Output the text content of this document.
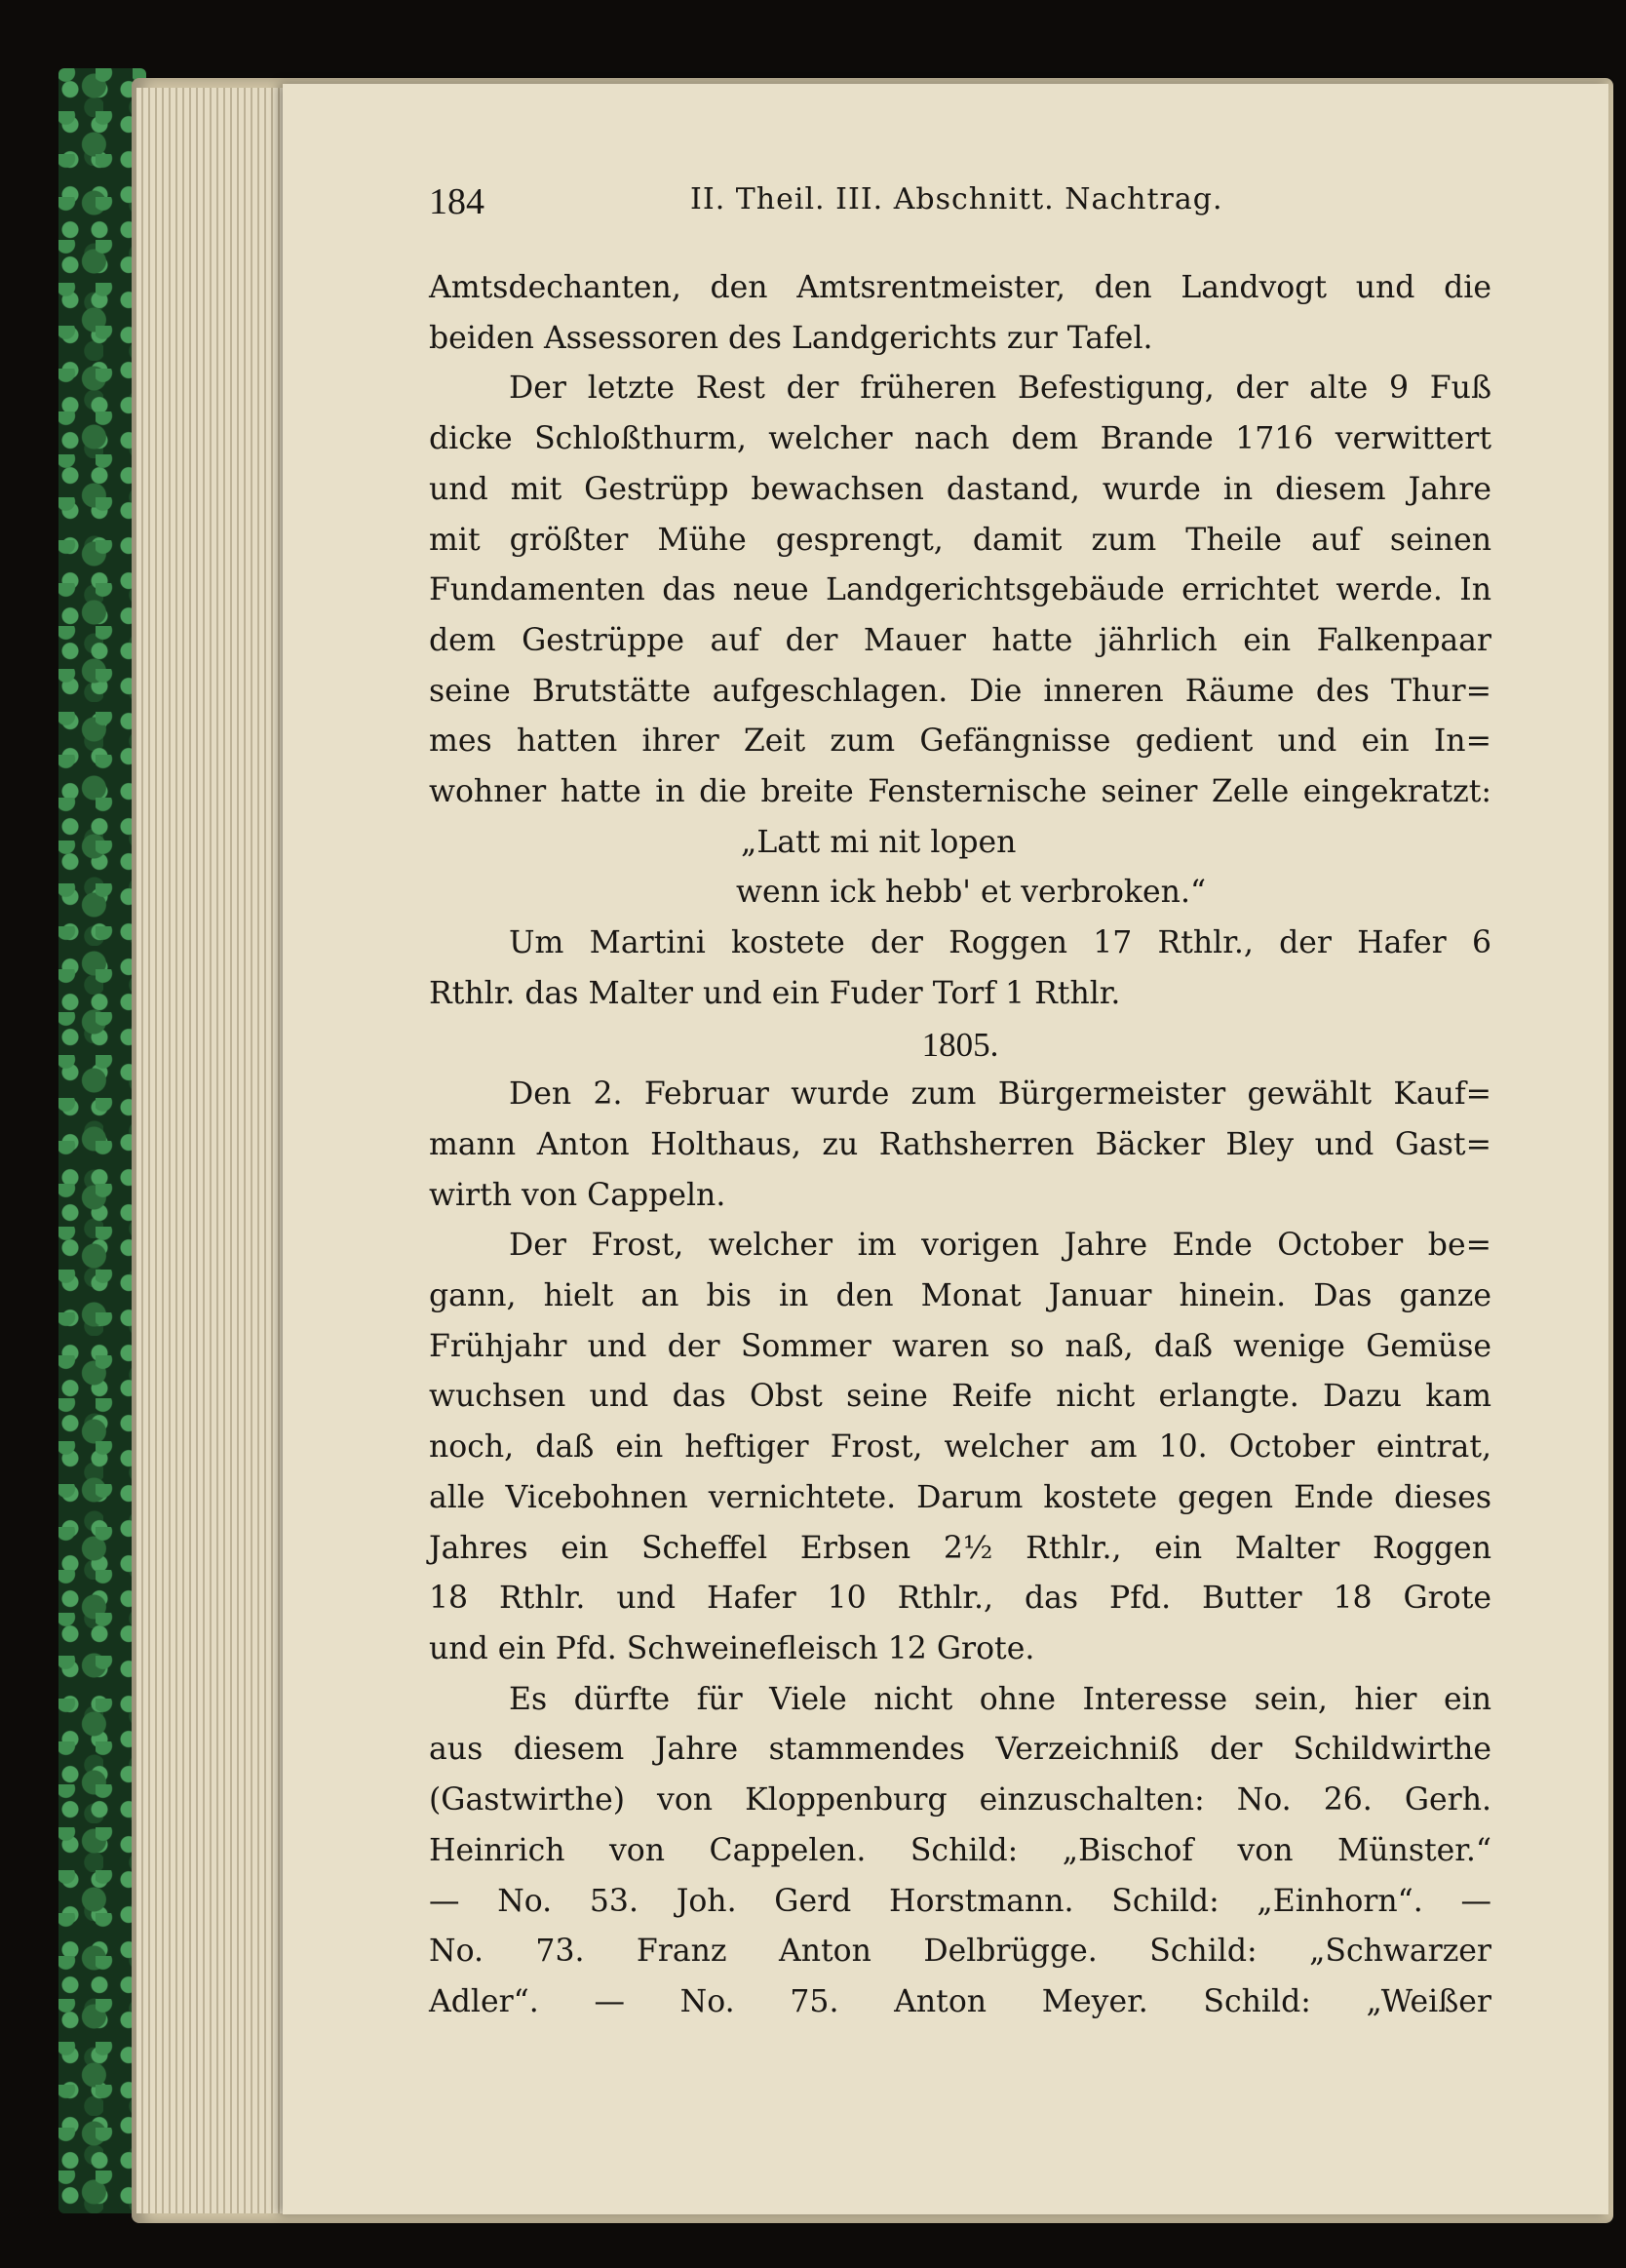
184	II. Theil. III. Abschnitt. Nachtrag.
Amtsdechanten, den Amtsrentmeister, den Landvogt und die
beiden Assessoren des Landgerichts zur Tafel.
Der letzte Rest der früheren Befestigung, der alte 9 Fuß
dicke Schloßthurm, welcher nach dem Brande 1716 verwittert
und mit Gestrüpp bewachsen dastand, wurde in diesem Jahre
mit größter Mühe gesprengt, damit zum Theile auf seinen
Fundamenten das neue Landgerichtsgebäude errichtet werde. In
dem Gestrüppe auf der Mauer hatte jährlich ein Falkenpaar
seine Brutstätte aufgeschlagen. Die inneren Räume des Thur=
mes hatten ihrer Zeit zum Gefängnisse gedient und ein In=
wohner hatte in die breite Fensternische seiner Zelle eingekratzt:
„Latt mi nit lopen
wenn ick hebb' et verbroken.“
Um Martini kostete der Roggen 17 Rthlr., der Hafer 6
Rthlr. das Malter und ein Fuder Torf 1 Rthlr.
1805.
Den 2. Februar wurde zum Bürgermeister gewählt Kauf=
mann Anton Holthaus, zu Rathsherren Bäcker Bley und Gast=
wirth von Cappeln.
Der Frost, welcher im vorigen Jahre Ende October be=
gann, hielt an bis in den Monat Januar hinein. Das ganze
Frühjahr und der Sommer waren so naß, daß wenige Gemüse
wuchsen und das Obst seine Reife nicht erlangte. Dazu kam
noch, daß ein heftiger Frost, welcher am 10. October eintrat,
alle Vicebohnen vernichtete. Darum kostete gegen Ende dieses
Jahres ein Scheffel Erbsen 2½ Rthlr., ein Malter Roggen
18 Rthlr. und Hafer 10 Rthlr., das Pfd. Butter 18 Grote
und ein Pfd. Schweinefleisch 12 Grote.
Es dürfte für Viele nicht ohne Interesse sein, hier ein
aus diesem Jahre stammendes Verzeichniß der Schildwirthe
(Gastwirthe) von Kloppenburg einzuschalten: No. 26. Gerh.
Heinrich von Cappelen. Schild: „Bischof von Münster.“
— No. 53. Joh. Gerd Horstmann. Schild: „Einhorn“. —
No. 73. Franz Anton Delbrügge. Schild: „Schwarzer
Adler“. — No. 75. Anton Meyer. Schild: „Weißer
